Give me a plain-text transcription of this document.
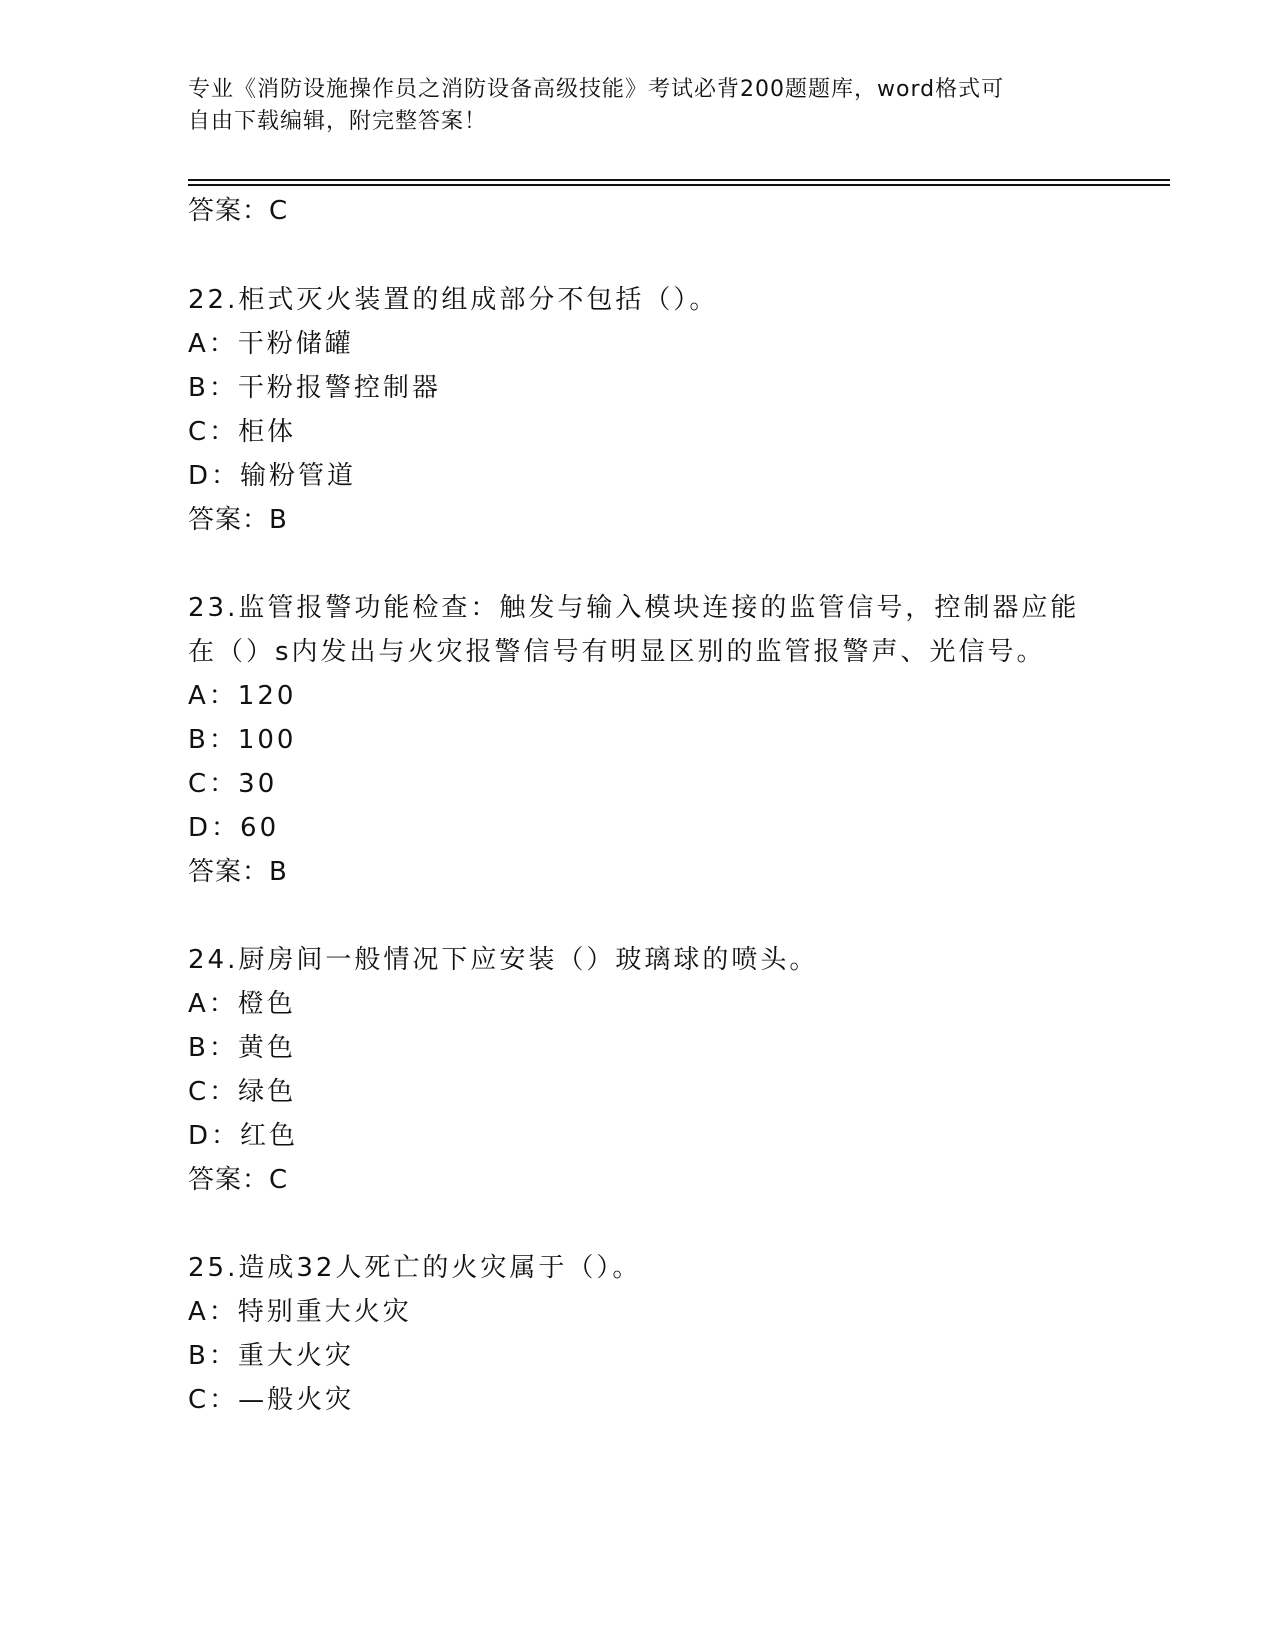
专业《消防设施操作员之消防设备高级技能》考试必背200题题库，word格式可
自由下载编辑，附完整答案！
答案：C
22.柜式灭火装置的组成部分不包括（）。
A：干粉储罐
B：干粉报警控制器
C：柜体
D：输粉管道
答案：B
23.监管报警功能检查：触发与输入模块连接的监管信号，控制器应能
在（）s内发出与火灾报警信号有明显区别的监管报警声、光信号。
A：120
B：100
C：30
D：60
答案：B
24.厨房间一般情况下应安装（）玻璃球的喷头。
A：橙色
B：黄色
C：绿色
D：红色
答案：C
25.造成32人死亡的火灾属于（）。
A：特别重大火灾
B：重大火灾
C：—般火灾
